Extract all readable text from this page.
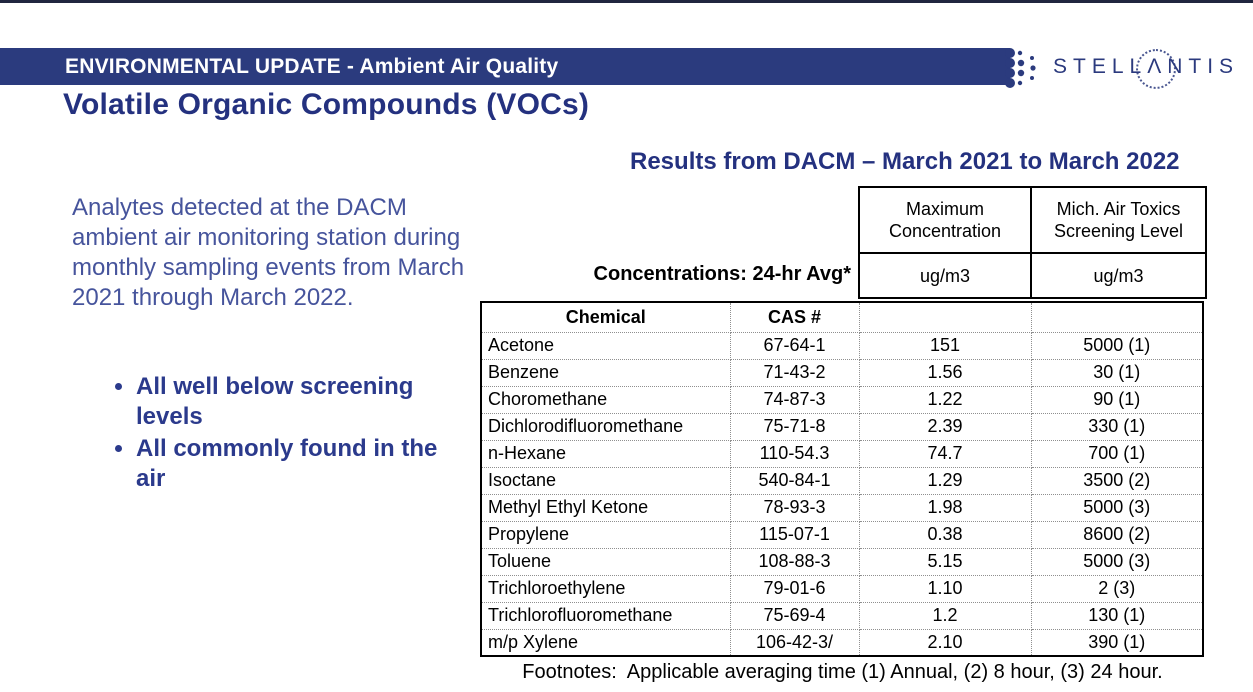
ENVIRONMENTAL UPDATE - Ambient Air Quality	STELL Λ NTIS
Volatile Organic Compounds (VOCs)

Analytes detected at the DACM ambient air monitoring station during monthly sampling events from March 2021 through March 2022.

• All well below screening levels
• All commonly found in the air
Results from DACM – March 2021 to March 2022
Maximum Concentration	Mich. Air Toxics Screening Level
ug/m3	ug/m3
Concentrations: 24-hr Avg*
Chemical	CAS #		
Acetone	67-64-1	151	5000 (1)
Benzene	71-43-2	1.56	30 (1)
Choromethane	74-87-3	1.22	90 (1)
Dichlorodifluoromethane	75-71-8	2.39	330 (1)
n-Hexane	110-54.3	74.7	700 (1)
Isoctane	540-84-1	1.29	3500 (2)
Methyl Ethyl Ketone	78-93-3	1.98	5000 (3)
Propylene	115-07-1	0.38	8600 (2)
Toluene	108-88-3	5.15	5000 (3)
Trichloroethylene	79-01-6	1.10	2 (3)
Trichlorofluoromethane	75-69-4	1.2	130 (1)
m/p Xylene	106-42-3/	2.10	390 (1)
Footnotes:  Applicable averaging time (1) Annual, (2) 8 hour, (3) 24 hour.
